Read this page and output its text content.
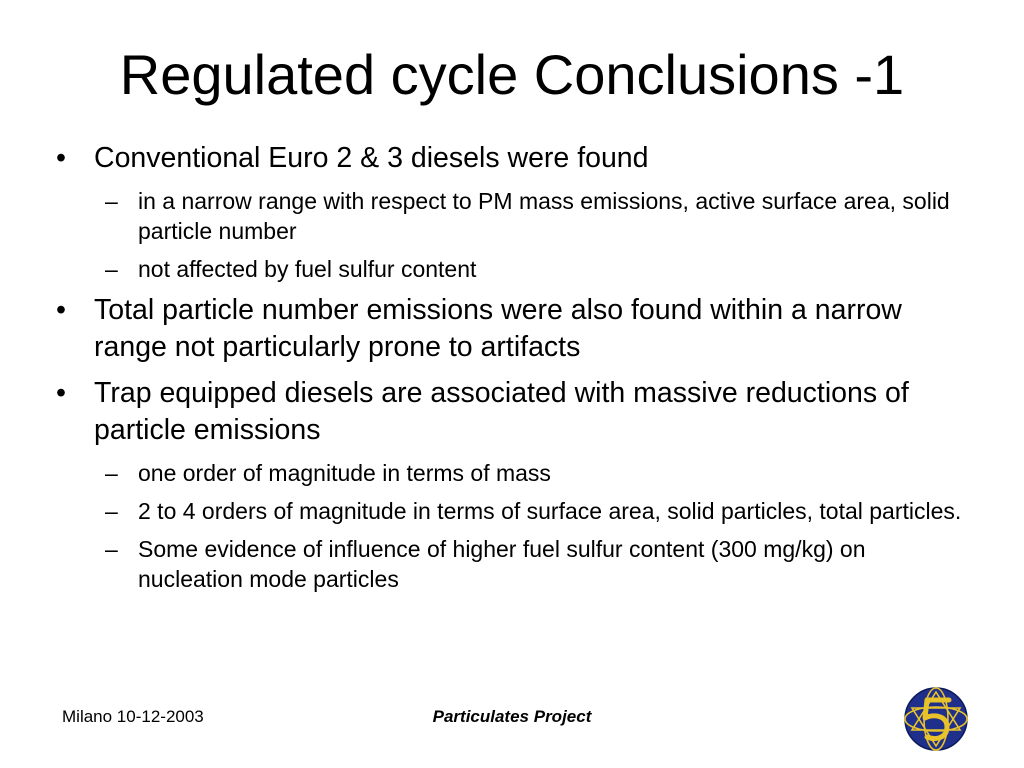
Regulated cycle Conclusions -1
• Conventional Euro 2 & 3 diesels were found
– in a narrow range with respect to PM mass emissions, active surface area, solid particle number
– not affected by fuel sulfur content
• Total particle number emissions were also found within a narrow range not particularly prone to artifacts
• Trap equipped diesels are associated with massive reductions of particle emissions
– one order of magnitude in terms of mass
– 2 to 4 orders of magnitude in terms of surface area, solid particles, total particles.
– Some evidence of influence of higher fuel sulfur content (300 mg/kg) on nucleation mode particles
Milano 10-12-2003	Particulates Project
